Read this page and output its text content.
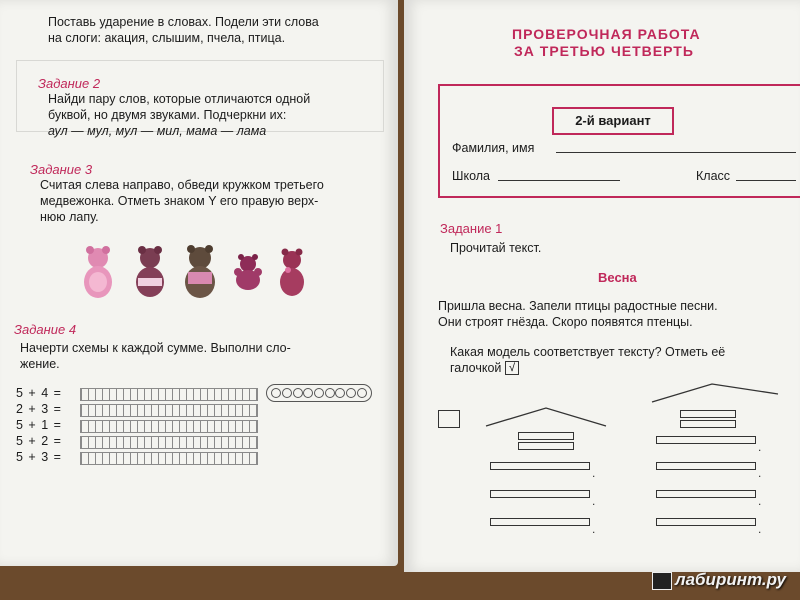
Поставь ударение в словах. Подели эти слова
на слоги: акация, слышим, пчела, птица.
Задание 2
Найди пару слов, которые отличаются одной
буквой, но двумя звуками. Подчеркни их:
аул — мул, мул — мил, мама — лама
Задание 3
Считая слева направо, обведи кружком третьего
медвежонка. Отметь знаком Y его правую верх-
нюю лапу.
Задание 4
Начерти схемы к каждой сумме. Выполни сло-
жение.
5 + 4 =
2 + 3 =
5 + 1 =
5 + 2 =
5 + 3 =
ПРОВЕРОЧНАЯ РАБОТА
ЗА ТРЕТЬЮ ЧЕТВЕРТЬ
2-й вариант
Фамилия, имя
Школа	Класс
Задание 1
Прочитай текст.
Весна
Пришла весна. Запели птицы радостные песни.
Они строят гнёзда. Скоро появятся птенцы.
Какая модель соответствует тексту? Отметь её
галочкой √
.
.
.
.
.
.
.
лабиринт.ру
